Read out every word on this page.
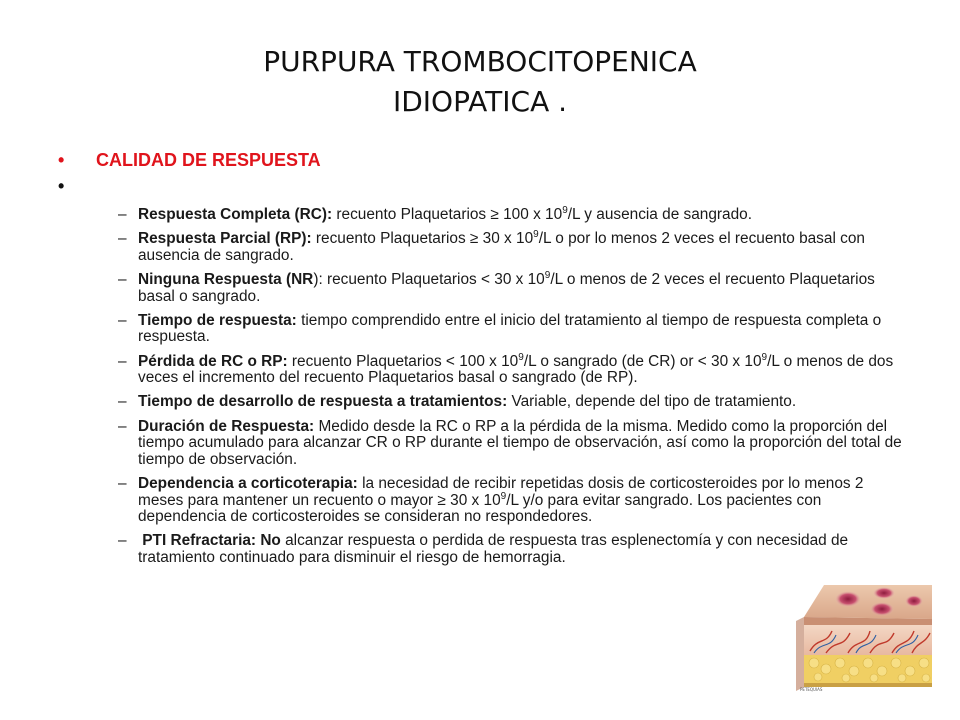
PURPURA TROMBOCITOPENICA
IDIOPATICA .
• CALIDAD DE RESPUESTA
•
– Respuesta Completa (RC): recuento Plaquetarios ≥ 100 x $10^9/L$ y ausencia de sangrado.
– Respuesta Parcial (RP): recuento Plaquetarios ≥ 30 x $10^9/L$ o por lo menos 2 veces el recuento basal con ausencia de sangrado.
– Ninguna Respuesta (NR): recuento Plaquetarios < 30 x $10^9/L$ o menos de 2 veces el recuento Plaquetarios basal o sangrado.
– Tiempo de respuesta: tiempo comprendido entre el inicio del tratamiento al tiempo de respuesta completa o respuesta.
– Pérdida de RC o RP: recuento Plaquetarios < 100 x $10^9/L$ o sangrado (de CR) or < 30 x $10^9/L$ o menos de dos veces el incremento del recuento Plaquetarios basal o sangrado (de RP).
– Tiempo de desarrollo de respuesta a tratamientos: Variable, depende del tipo de tratamiento.
– Duración de Respuesta: Medido desde la RC o RP a la pérdida de la misma. Medido como la proporción del tiempo acumulado para alcanzar CR o RP durante el tiempo de observación, así como la proporción del total de tiempo de observación.
– Dependencia a corticoterapia: la necesidad de recibir repetidas dosis de corticosteroides por lo menos 2 meses para mantener un recuento o mayor ≥ 30 x $10^9/L$ y/o para evitar sangrado. Los pacientes con dependencia de corticosteroides se consideran no respondedores.
– PTI Refractaria: No alcanzar respuesta o perdida de respuesta tras esplenectomía y con necesidad de tratamiento continuado para disminuir el riesgo de hemorragia.
PETEQUIAS
